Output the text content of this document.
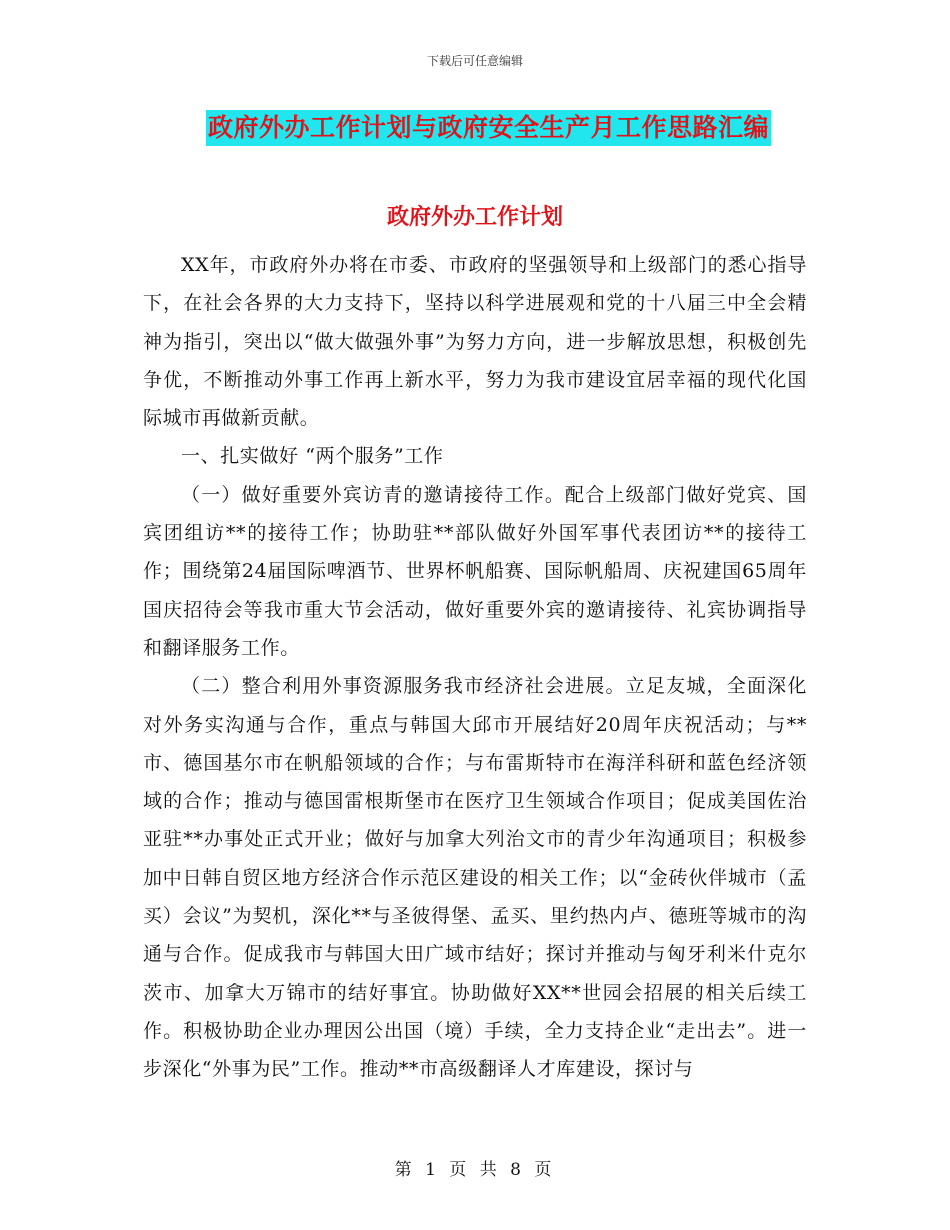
下载后可任意编辑
政府外办工作计划与政府安全生产月工作思路汇编
政府外办工作计划

XX年，市政府外办将在市委、市政府的坚强领导和上级部门的悉心指导下，在社会各界的大力支持下，坚持以科学进展观和党的十八届三中全会精神为指引，突出以“做大做强外事”为努力方向，进一步解放思想，积极创先争优，不断推动外事工作再上新水平，努力为我市建设宜居幸福的现代化国际城市再做新贡献。

一、扎实做好 “两个服务”工作

（一）做好重要外宾访青的邀请接待工作。配合上级部门做好党宾、国宾团组访**的接待工作；协助驻**部队做好外国军事代表团访**的接待工作；围绕第24届国际啤酒节、世界杯帆船赛、国际帆船周、庆祝建国65周年国庆招待会等我市重大节会活动，做好重要外宾的邀请接待、礼宾协调指导和翻译服务工作。

（二）整合利用外事资源服务我市经济社会进展。立足友城，全面深化对外务实沟通与合作，重点与韩国大邱市开展结好20周年庆祝活动；与**市、德国基尔市在帆船领域的合作；与布雷斯特市在海洋科研和蓝色经济领域的合作；推动与德国雷根斯堡市在医疗卫生领域合作项目；促成美国佐治亚驻**办事处正式开业；做好与加拿大列治文市的青少年沟通项目；积极参加中日韩自贸区地方经济合作示范区建设的相关工作；以“金砖伙伴城市（孟买）会议”为契机，深化**与圣彼得堡、孟买、里约热内卢、德班等城市的沟通与合作。促成我市与韩国大田广域市结好；探讨并推动与匈牙利米什克尔茨市、加拿大万锦市的结好事宜。协助做好XX**世园会招展的相关后续工作。积极协助企业办理因公出国（境）手续，全力支持企业“走出去”。进一步深化“外事为民”工作。推动**市高级翻译人才库建设，探讨与

第 1 页 共 8 页
